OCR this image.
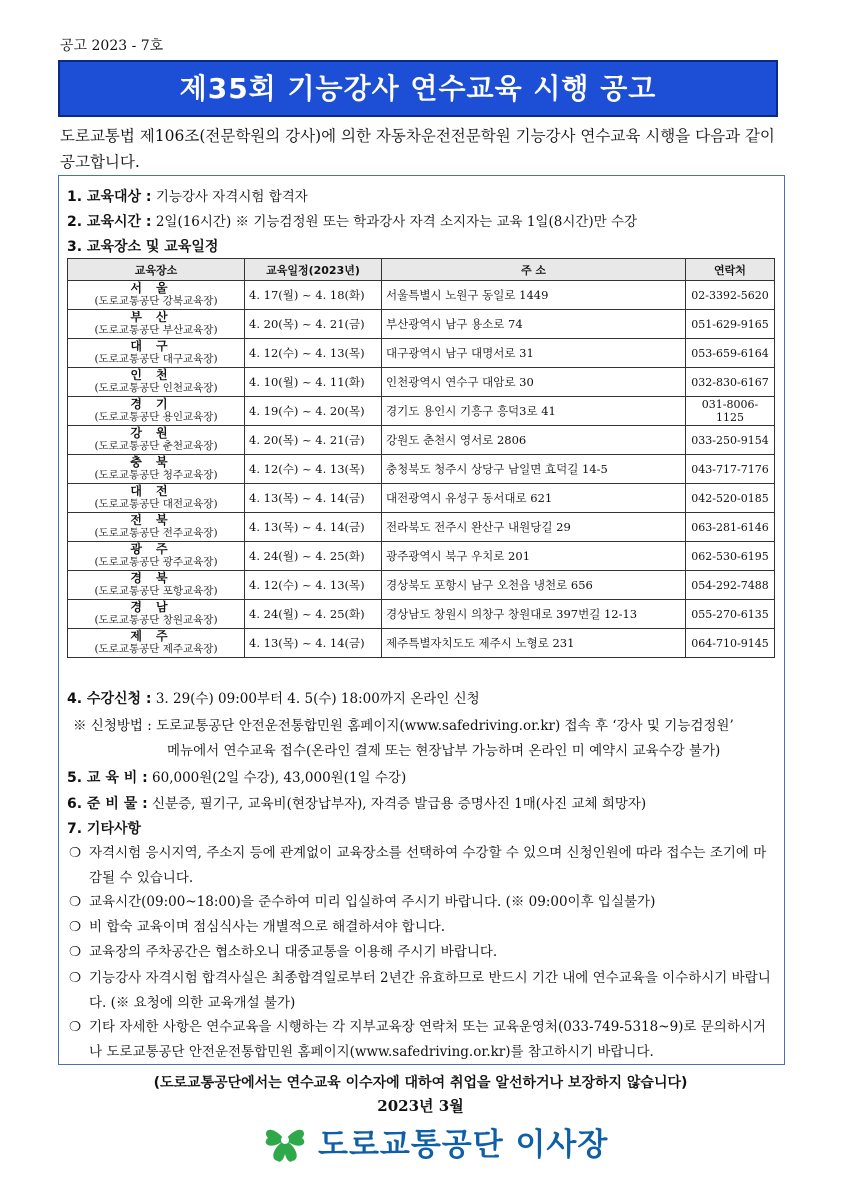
공고 2023 - 7호
제35회 기능강사 연수교육 시행 공고
도로교통법 제106조(전문학원의 강사)에 의한 자동차운전전문학원 기능강사 연수교육 시행을 다음과 같이 공고합니다.
1. 교육대상 : 기능강사 자격시험 합격자
2. 교육시간 : 2일(16시간) ※ 기능검정원 또는 학과강사 자격 소지자는 교육 1일(8시간)만 수강
3. 교육장소 및 교육일정
교육장소	교육일정(2023년)	주 소	연락처

서울
(도로교통공단 강북교육장)	4. 17(월) ~ 4. 18(화)	서울특별시 노원구 동일로 1449	02-3392-5620

부산
(도로교통공단 부산교육장)	4. 20(목) ~ 4. 21(금)	부산광역시 남구 용소로 74	051-629-9165

대구
(도로교통공단 대구교육장)	4. 12(수) ~ 4. 13(목)	대구광역시 남구 대명서로 31	053-659-6164

인천
(도로교통공단 인천교육장)	4. 10(월) ~ 4. 11(화)	인천광역시 연수구 대암로 30	032-830-6167

경기
(도로교통공단 용인교육장)	4. 19(수) ~ 4. 20(목)	경기도 용인시 기흥구 흥덕3로 41	031-8006-1125

강원
(도로교통공단 춘천교육장)	4. 20(목) ~ 4. 21(금)	강원도 춘천시 영서로 2806	033-250-9154

충북
(도로교통공단 청주교육장)	4. 12(수) ~ 4. 13(목)	충청북도 청주시 상당구 남일면 효덕길 14-5	043-717-7176

대전
(도로교통공단 대전교육장)	4. 13(목) ~ 4. 14(금)	대전광역시 유성구 동서대로 621	042-520-0185

전북
(도로교통공단 전주교육장)	4. 13(목) ~ 4. 14(금)	전라북도 전주시 완산구 내원당길 29	063-281-6146

광주
(도로교통공단 광주교육장)	4. 24(월) ~ 4. 25(화)	광주광역시 북구 우치로 201	062-530-6195

경북
(도로교통공단 포항교육장)	4. 12(수) ~ 4. 13(목)	경상북도 포항시 남구 오천읍 냉천로 656	054-292-7488

경남
(도로교통공단 창원교육장)	4. 24(월) ~ 4. 25(화)	경상남도 창원시 의창구 창원대로 397번길 12-13	055-270-6135

제주
(도로교통공단 제주교육장)	4. 13(목) ~ 4. 14(금)	제주특별자치도도 제주시 노형로 231	064-710-9145
4. 수강신청 : 3. 29(수) 09:00부터 4. 5(수) 18:00까지 온라인 신청
※ 신청방법 : 도로교통공단 안전운전통합민원 홈페이지(www.safedriving.or.kr) 접속 후 ‘강사 및 기능검정원’
메뉴에서 연수교육 접수(온라인 결제 또는 현장납부 가능하며 온라인 미 예약시 교육수강 불가)
5. 교 육 비 : 60,000원(2일 수강), 43,000원(1일 수강)
6. 준 비 물 : 신분증, 필기구, 교육비(현장납부자), 자격증 발급용 증명사진 1매(사진 교체 희망자)
7. 기타사항
❍ 자격시험 응시지역, 주소지 등에 관계없이 교육장소를 선택하여 수강할 수 있으며 신청인원에 따라 접수는 조기에 마감될 수 있습니다.
❍ 교육시간(09:00~18:00)을 준수하여 미리 입실하여 주시기 바랍니다. (※ 09:00이후 입실불가)
❍ 비 합숙 교육이며 점심식사는 개별적으로 해결하셔야 합니다.
❍ 교육장의 주차공간은 협소하오니 대중교통을 이용해 주시기 바랍니다.
❍ 기능강사 자격시험 합격사실은 최종합격일로부터 2년간 유효하므로 반드시 기간 내에 연수교육을 이수하시기 바랍니다. (※ 요청에 의한 교육개설 불가)
❍ 기타 자세한 사항은 연수교육을 시행하는 각 지부교육장 연락처 또는 교육운영처(033-749-5318~9)로 문의하시거나 도로교통공단 안전운전통합민원 홈페이지(www.safedriving.or.kr)를 참고하시기 바랍니다.
(도로교통공단에서는 연수교육 이수자에 대하여 취업을 알선하거나 보장하지 않습니다)
2023년 3월
도로교통공단 이사장
